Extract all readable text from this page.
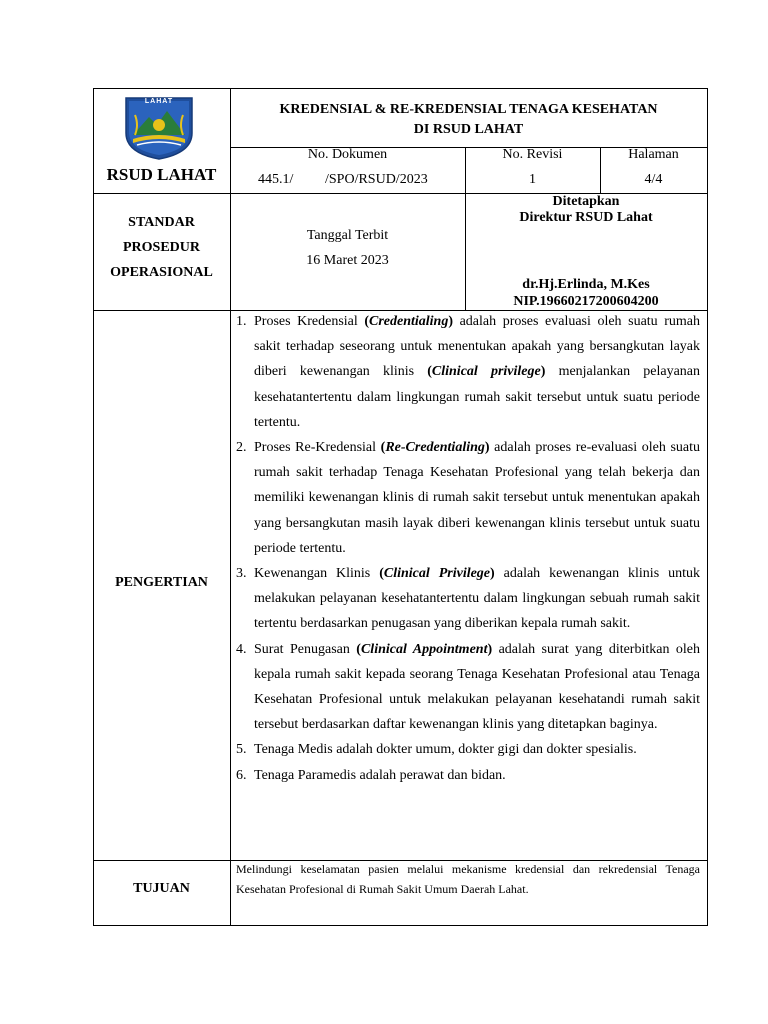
LAHAT
RSUD LAHAT
KREDENSIAL & RE-KREDENSIAL TENAGA KESEHATAN
DI RSUD LAHAT
No. Dokumen
445.1/ /SPO/RSUD/2023
No. Revisi
1
Halaman
4/4
STANDAR
PROSEDUR
OPERASIONAL
Tanggal Terbit
16 Maret 2023
Ditetapkan
Direktur RSUD Lahat
dr.Hj.Erlinda, M.Kes
NIP.19660217200604200
PENGERTIAN
1. Proses Kredensial (Credentialing) adalah proses evaluasi oleh suatu rumah sakit terhadap seseorang untuk menentukan apakah yang bersangkutan layak diberi kewenangan klinis (Clinical privilege) menjalankan pelayanan kesehatantertentu dalam lingkungan rumah sakit tersebut untuk suatu periode tertentu.
2. Proses Re-Kredensial (Re-Credentialing) adalah proses re-evaluasi oleh suatu rumah sakit terhadap Tenaga Kesehatan Profesional yang telah bekerja dan memiliki kewenangan klinis di rumah sakit tersebut untuk menentukan apakah yang bersangkutan masih layak diberi kewenangan klinis tersebut untuk suatu periode tertentu.
3. Kewenangan Klinis (Clinical Privilege) adalah kewenangan klinis untuk melakukan pelayanan kesehatantertentu dalam lingkungan sebuah rumah sakit tertentu berdasarkan penugasan yang diberikan kepala rumah sakit.
4. Surat Penugasan (Clinical Appointment) adalah surat yang diterbitkan oleh kepala rumah sakit kepada seorang Tenaga Kesehatan Profesional atau Tenaga Kesehatan Profesional untuk melakukan pelayanan kesehatandi rumah sakit tersebut berdasarkan daftar kewenangan klinis yang ditetapkan baginya.
5. Tenaga Medis adalah dokter umum, dokter gigi dan dokter spesialis.
6. Tenaga Paramedis adalah perawat dan bidan.
TUJUAN
Melindungi keselamatan pasien melalui mekanisme kredensial dan rekredensial Tenaga Kesehatan Profesional di Rumah Sakit Umum Daerah Lahat.
